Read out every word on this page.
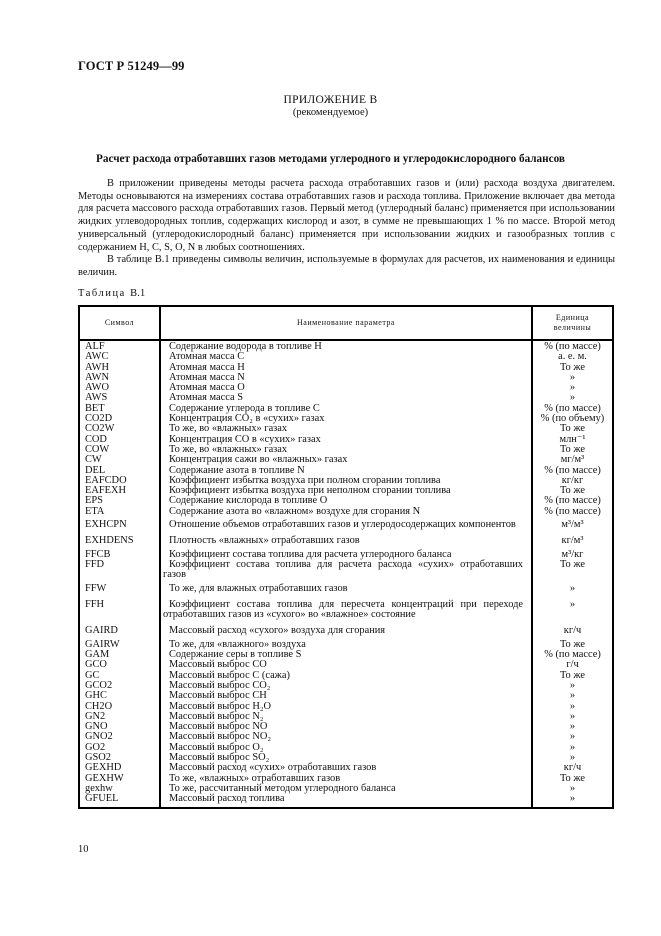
ГОСТ Р 51249—99
ПРИЛОЖЕНИЕ В
(рекомендуемое)
Расчет расхода отработавших газов методами углеродного и углеродокислородного балансов

В приложении приведены методы расчета расхода отработавших газов и (или) расхода воздуха двигателем. Методы основываются на измерениях состава отработавших газов и расхода топлива. Приложение включает два метода для расчета массового расхода отработавших газов. Первый метод (углеродный баланс) применяется при использовании жидких углеводородных топлив, содержащих кислород и азот, в сумме не превышающих 1 % по массе. Второй метод универсальный (углеродокислородный баланс) применяется при использовании жидких и газообразных топлив с содержанием H, C, S, O, N в любых соотношениях.

В таблице В.1 приведены символы величин, используемые в формулах для расчетов, их наименования и единицы величин.

Таблица В.1
Символ	Наименование параметра	Единица
величины
ALF	Содержание водорода в топливе H	% (по массе)
AWC	Атомная масса C	а. е. м.
AWH	Атомная масса H	То же
AWN	Атомная масса N	»
AWO	Атомная масса O	»
AWS	Атомная масса S	»
BET	Содержание углерода в топливе C	% (по массе)
CO2D	Концентрация CO₂ в «сухих» газах	% (по объему)
CO2W	То же, во «влажных» газах	То же
COD	Концентрация CO в «сухих» газах	млн⁻¹
COW	То же, во «влажных» газах	То же
CW	Концентрация сажи во «влажных» газах	мг/м³
DEL	Содержание азота в топливе N	% (по массе)
EAFCDO	Коэффициент избытка воздуха при полном сгорании топлива	кг/кг
EAFEXH	Коэффициент избытка воздуха при неполном сгорании топлива	То же
EPS	Содержание кислорода в топливе O	% (по массе)
ETA	Содержание азота во «влажном» воздухе для сгорания N	% (по массе)
EXHCPN	Отношение объемов отработавших газов и углеродосодержащих компонентов	м³/м³
EXHDENS	Плотность «влажных» отработавших газов	кг/м³
FFCB	Коэффициент состава топлива для расчета углеродного баланса	м³/кг
FFD	Коэффициент состава топлива для расчета расхода «сухих» отработавших газов	То же
FFW	То же, для влажных отработавших газов	»
FFH	Коэффициент состава топлива для пересчета концентраций при переходе отработавших газов из «сухого» во «влажное» состояние	»
GAIRD	Массовый расход «сухого» воздуха для сгорания	кг/ч
GAIRW	То же, для «влажного» воздуха	То же
GAM	Содержание серы в топливе S	% (по массе)
GCO	Массовый выброс CO	г/ч
GC	Массовый выброс C (сажа)	То же
GCO2	Массовый выброс CO₂	»
GHC	Массовый выброс CH	»
CH2O	Массовый выброс H₂O	»
GN2	Массовый выброс N₂	»
GNO	Массовый выброс NO	»
GNO2	Массовый выброс NO₂	»
GO2	Массовый выброс O₂	»
GSO2	Массовый выброс SO₂	»
GEXHD	Массовый расход «сухих» отработавших газов	кг/ч
GEXHW	То же, «влажных» отработавших газов	То же
gexhw	То же, рассчитанный методом углеродного баланса	»
GFUEL	Массовый расход топлива	»
10
